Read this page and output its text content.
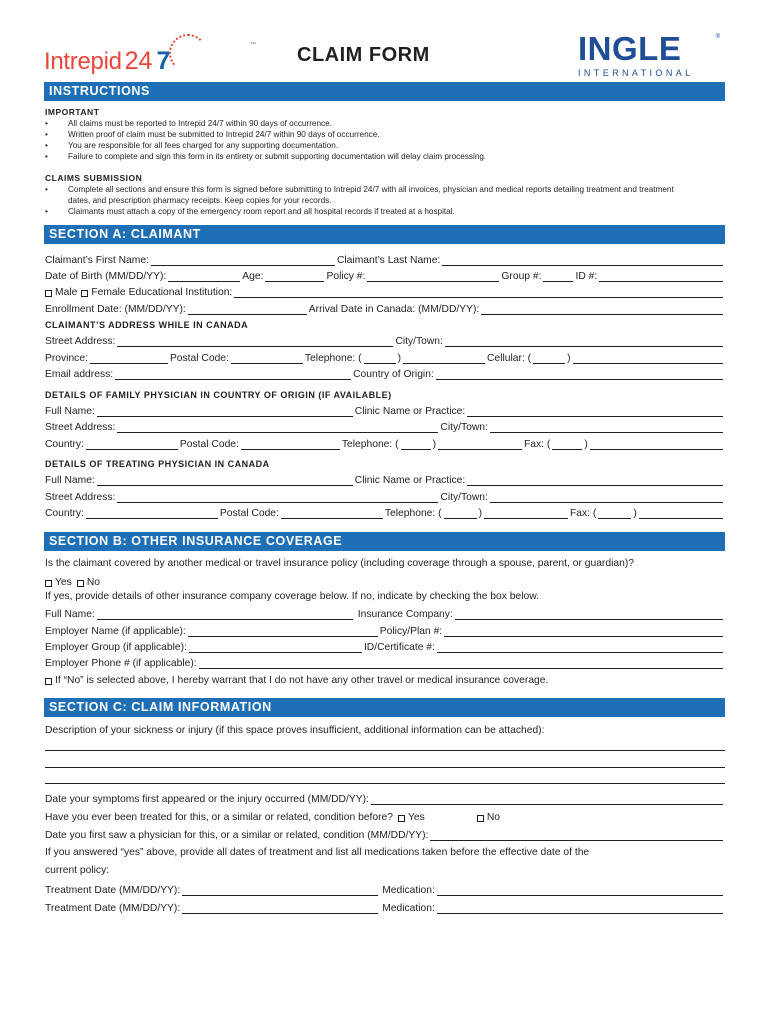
Intrepid 24 7
™ CLAIM FORM	INGLE
INTERNATIONAL
®
INSTRUCTIONS
IMPORTANT
•	All claims must be reported to Intrepid 24/7 within 90 days of occurrence.
•	Written proof of claim must be submitted to Intrepid 24/7 within 90 days of occurrence.
•	You are responsible for all fees charged for any supporting documentation.
•	Failure to complete and sign this form in its entirety or submit supporting documentation will delay claim processing.
CLAIMS SUBMISSION
•	Complete all sections and ensure this form is signed before submitting to Intrepid 24/7 with all invoices, physician and medical reports detailing treatment and treatment dates, and prescription pharmacy receipts. Keep copies for your records.
•	Claimants must attach a copy of the emergency room report and all hospital records if treated at a hospital.
SECTION A: CLAIMANT
Claimant’s First Name:	Claimant’s Last Name:
Date of Birth (MM/DD/YY):	Age:	Policy #:	Group #:	ID #:
Male Female Educational Institution:
Enrollment Date: (MM/DD/YY):	Arrival Date in Canada: (MM/DD/YY):
CLAIMANT’S ADDRESS WHILE IN CANADA
Street Address:	City/Town:
Province:	Postal Code:	Telephone: (	)	Cellular: (	)
Email address:	Country of Origin:
DETAILS OF FAMILY PHYSICIAN IN COUNTRY OF ORIGIN (IF AVAILABLE)
Full Name:	Clinic Name or Practice:
Street Address:	City/Town:
Country:	Postal Code:	Telephone: (	)	Fax: (	)
DETAILS OF TREATING PHYSICIAN IN CANADA
Full Name:	Clinic Name or Practice:
Street Address:	City/Town:
Country:	Postal Code:	Telephone: (	)	Fax: (	)
SECTION B: OTHER INSURANCE COVERAGE
Is the claimant covered by another medical or travel insurance policy (including coverage through a spouse, parent, or guardian)?
Yes No
If yes, provide details of other insurance company coverage below. If no, indicate by checking the box below.
Full Name:	Insurance Company:
Employer Name (if applicable):	Policy/Plan #:
Employer Group (if applicable):	ID/Certificate #:
Employer Phone # (if applicable):
If “No” is selected above, I hereby warrant that I do not have any other travel or medical insurance coverage.
SECTION C: CLAIM INFORMATION
Description of your sickness or injury (if this space proves insufficient, additional information can be attached):
Date your symptoms first appeared or the injury occurred (MM/DD/YY):
Have you ever been treated for this, or a similar or related, condition before? Yes	No
Date you first saw a physician for this, or a similar or related, condition (MM/DD/YY):
If you answered “yes” above, provide all dates of treatment and list all medications taken before the effective date of the
current policy:
Treatment Date (MM/DD/YY):	Medication:
Treatment Date (MM/DD/YY):	Medication:
